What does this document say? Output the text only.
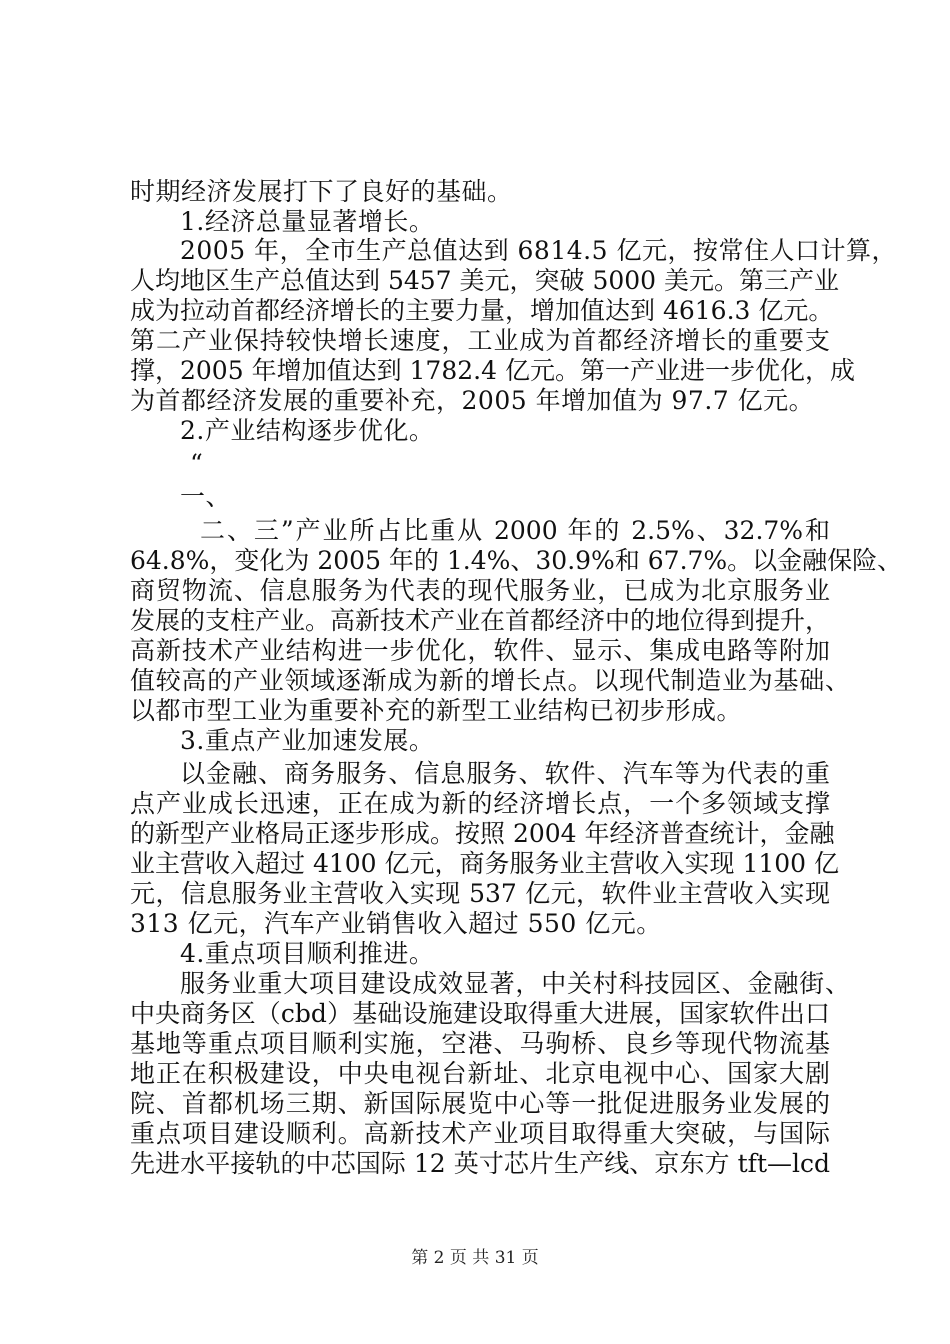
时期经济发展打下了良好的基础。
1.经济总量显著增长。
2005 年，全市生产总值达到 6814.5 亿元，按常住人口计算，
人均地区生产总值达到 5457 美元，突破 5000 美元。第三产业
成为拉动首都经济增长的主要力量，增加值达到 4616.3 亿元。
第二产业保持较快增长速度，工业成为首都经济增长的重要支
撑，2005 年增加值达到 1782.4 亿元。第一产业进一步优化，成
为首都经济发展的重要补充，2005 年增加值为 97.7 亿元。
2.产业结构逐步优化。
“
一、
二、三”产业所占比重从 2000 年的 2.5%、32.7%和
64.8%，变化为 2005 年的 1.4%、30.9%和 67.7%。以金融保险、
商贸物流、信息服务为代表的现代服务业，已成为北京服务业
发展的支柱产业。高新技术产业在首都经济中的地位得到提升，
高新技术产业结构进一步优化，软件、显示、集成电路等附加
值较高的产业领域逐渐成为新的增长点。以现代制造业为基础、
以都市型工业为重要补充的新型工业结构已初步形成。
3.重点产业加速发展。
以金融、商务服务、信息服务、软件、汽车等为代表的重
点产业成长迅速，正在成为新的经济增长点，一个多领域支撑
的新型产业格局正逐步形成。按照 2004 年经济普查统计，金融
业主营收入超过 4100 亿元，商务服务业主营收入实现 1100 亿
元，信息服务业主营收入实现 537 亿元，软件业主营收入实现
313 亿元，汽车产业销售收入超过 550 亿元。
4.重点项目顺利推进。
服务业重大项目建设成效显著，中关村科技园区、金融街、
中央商务区（cbd）基础设施建设取得重大进展，国家软件出口
基地等重点项目顺利实施，空港、马驹桥、良乡等现代物流基
地正在积极建设，中央电视台新址、北京电视中心、国家大剧
院、首都机场三期、新国际展览中心等一批促进服务业发展的
重点项目建设顺利。高新技术产业项目取得重大突破，与国际
先进水平接轨的中芯国际 12 英寸芯片生产线、京东方 tft—lcd
第 2 页 共 31 页
